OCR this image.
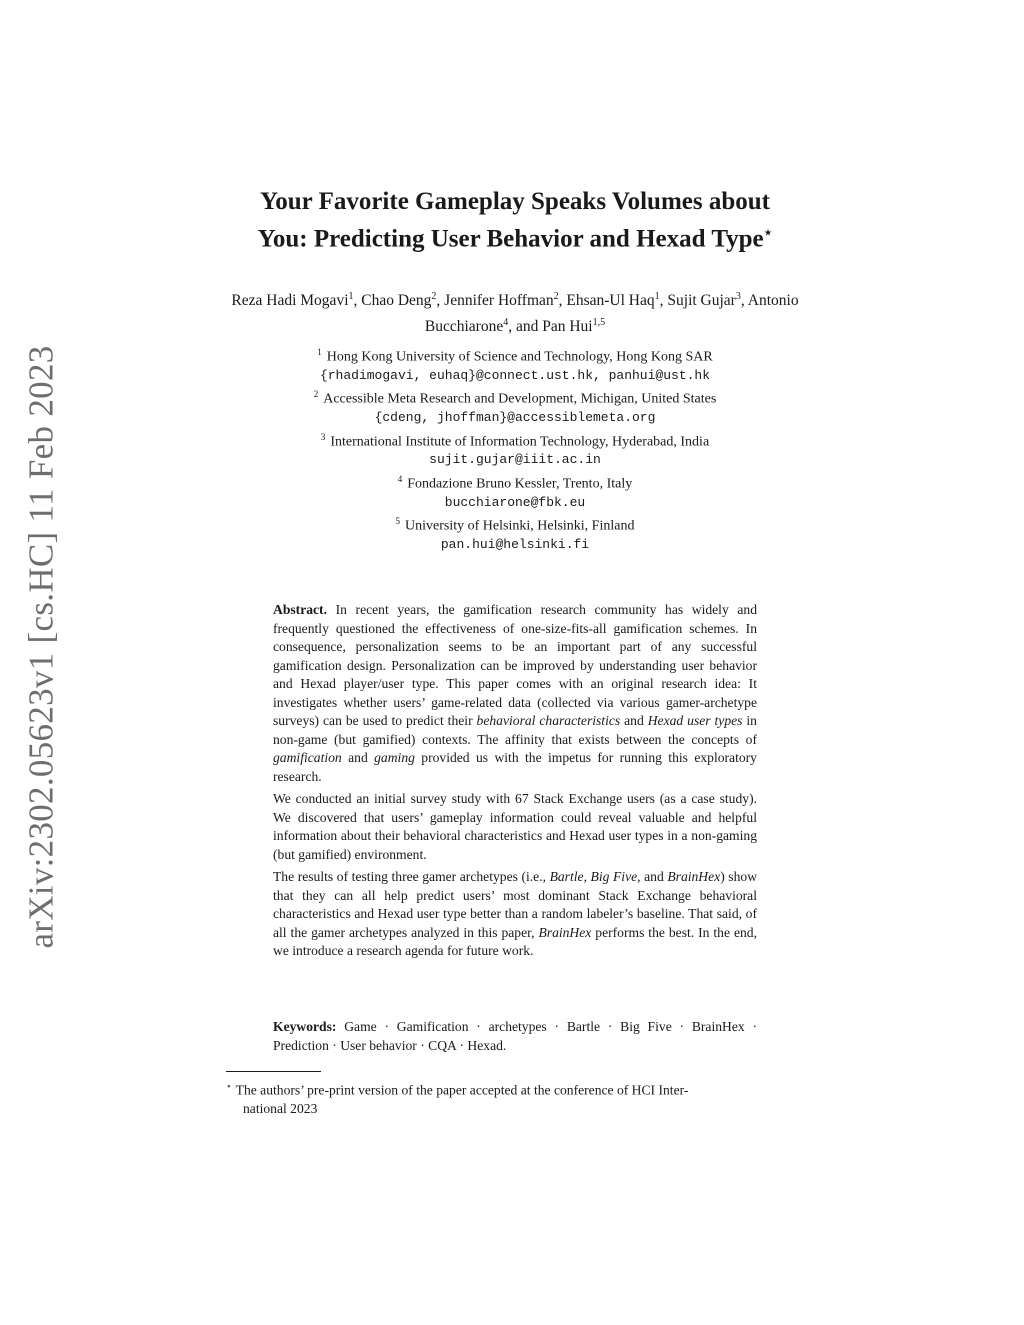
arXiv:2302.05623v1 [cs.HC] 11 Feb 2023
Your Favorite Gameplay Speaks Volumes about
You: Predicting User Behavior and Hexad Type⋆
Reza Hadi Mogavi$^1$, Chao Deng$^2$, Jennifer Hoffman$^2$, Ehsan-Ul Haq$^1$, Sujit Gujar$^3$, Antonio Bucchiarone$^4$, and Pan Hui$^{1,5}$
$^1$ Hong Kong University of Science and Technology, Hong Kong SAR
{rhadimogavi, euhaq}@connect.ust.hk, panhui@ust.hk
$^2$ Accessible Meta Research and Development, Michigan, United States
{cdeng, jhoffman}@accessiblemeta.org
$^3$ International Institute of Information Technology, Hyderabad, India
sujit.gujar@iiit.ac.in
$^4$ Fondazione Bruno Kessler, Trento, Italy
bucchiarone@fbk.eu
$^5$ University of Helsinki, Helsinki, Finland
pan.hui@helsinki.fi

Abstract. In recent years, the gamification research community has widely and frequently questioned the effectiveness of one-size-fits-all gamification schemes. In consequence, personalization seems to be an important part of any successful gamification design. Personalization can be improved by understanding user behavior and Hexad player/user type. This paper comes with an original research idea: It investigates whether users’ game-related data (collected via various gamer-archetype surveys) can be used to predict their behavioral characteristics and Hexad user types in non-game (but gamified) contexts. The affinity that exists between the concepts of gamification and gaming provided us with the impetus for running this exploratory research.

We conducted an initial survey study with 67 Stack Exchange users (as a case study). We discovered that users’ gameplay information could reveal valuable and helpful information about their behavioral characteristics and Hexad user types in a non-gaming (but gamified) environment.

The results of testing three gamer archetypes (i.e., Bartle, Big Five, and BrainHex) show that they can all help predict users’ most dominant Stack Exchange behavioral characteristics and Hexad user type better than a random labeler’s baseline. That said, of all the gamer archetypes analyzed in this paper, BrainHex performs the best. In the end, we introduce a research agenda for future work.

Keywords: Game · Gamification · archetypes · Bartle · Big Five · BrainHex · Prediction · User behavior · CQA · Hexad.
⋆ The authors’ pre-print version of the paper accepted at the conference of HCI Inter-
national 2023
